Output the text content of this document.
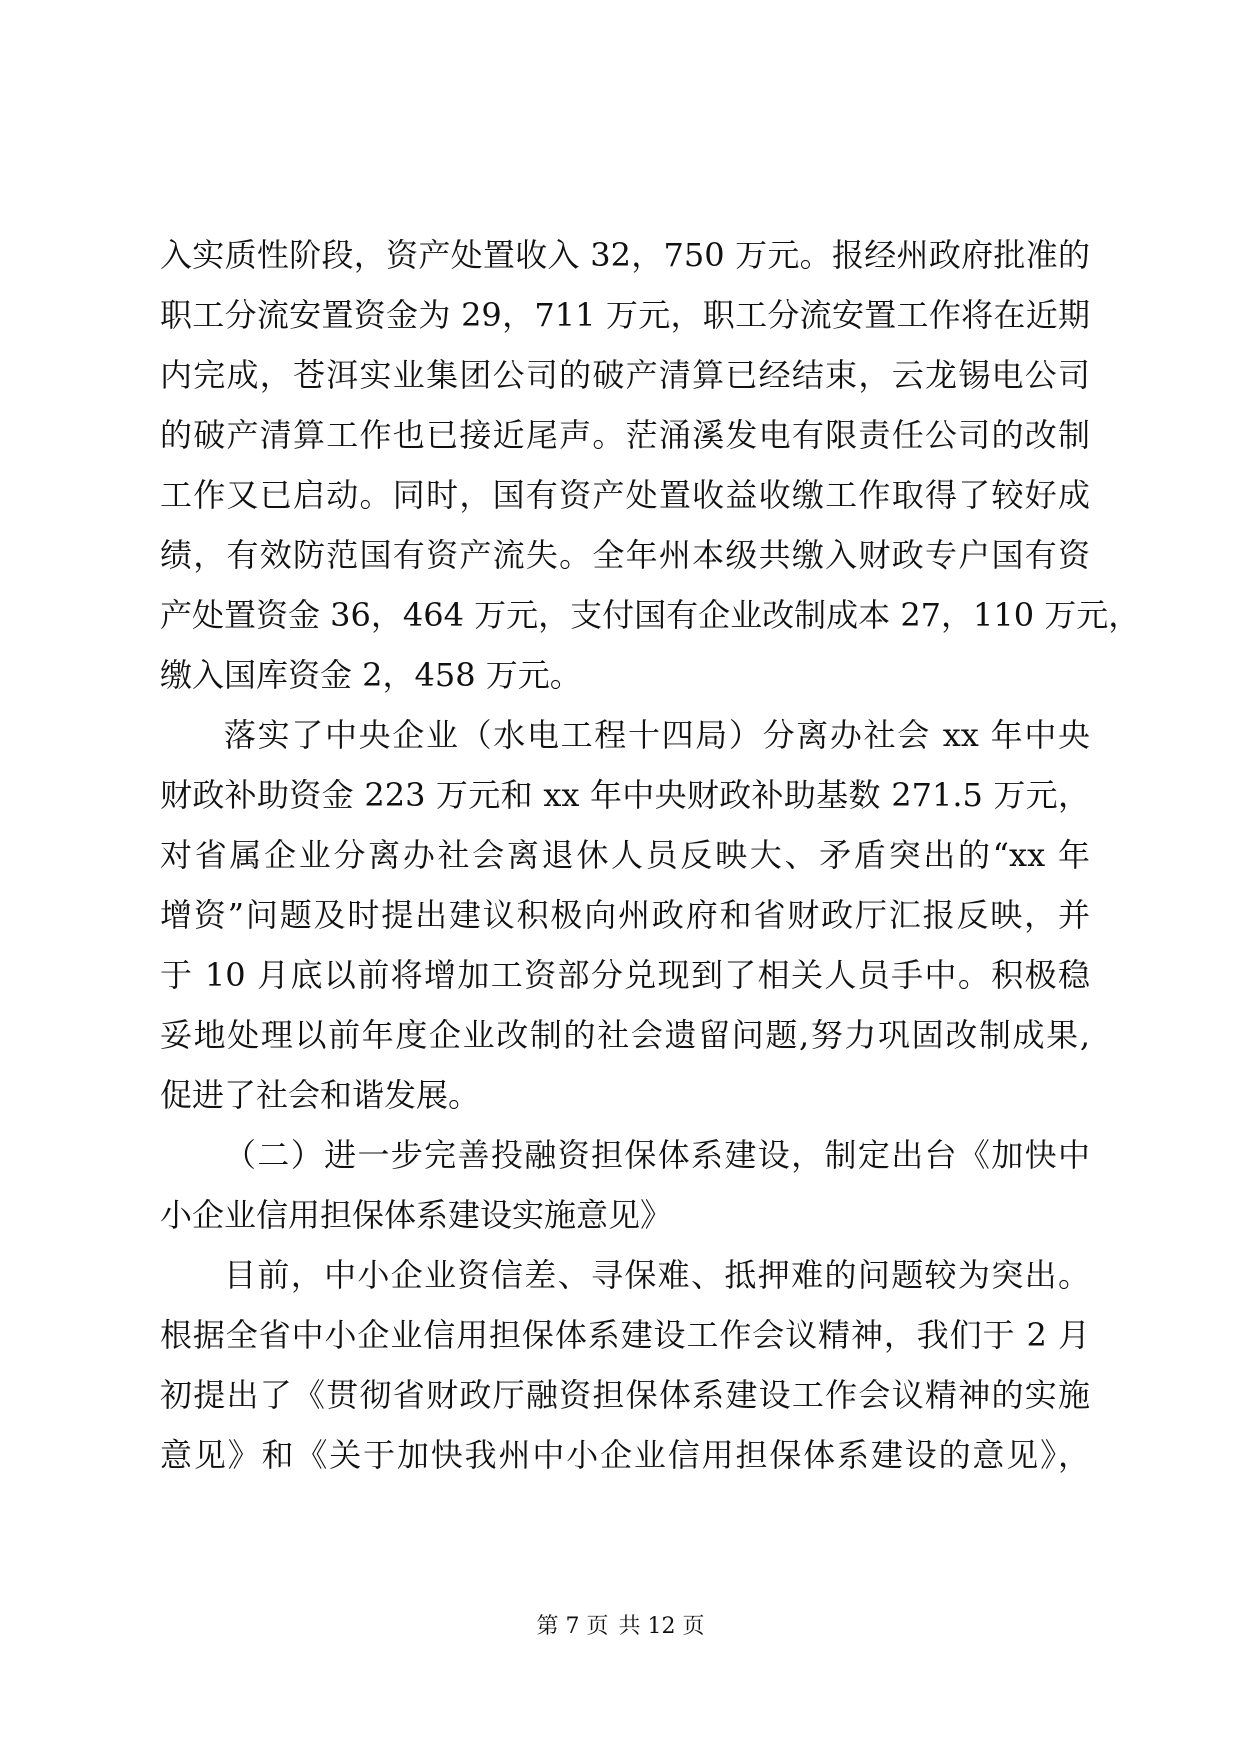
入实质性阶段，资产处置收入 32，750 万元。报经州政府批准的
职工分流安置资金为 29，711 万元，职工分流安置工作将在近期
内完成，苍洱实业集团公司的破产清算已经结束，云龙锡电公司
的破产清算工作也已接近尾声。茫涌溪发电有限责任公司的改制
工作又已启动。同时，国有资产处置收益收缴工作取得了较好成
绩，有效防范国有资产流失。全年州本级共缴入财政专户国有资
产处置资金 36，464 万元，支付国有企业改制成本 27，110 万元，
缴入国库资金 2，458 万元。
落实了中央企业（水电工程十四局）分离办社会 xx 年中央
财政补助资金 223 万元和 xx 年中央财政补助基数 271.5 万元，
对省属企业分离办社会离退休人员反映大、矛盾突出的“xx 年
增资”问题及时提出建议积极向州政府和省财政厅汇报反映，并
于 10 月底以前将增加工资部分兑现到了相关人员手中。积极稳
妥地处理以前年度企业改制的社会遗留问题,努力巩固改制成果,
促进了社会和谐发展。
（二）进一步完善投融资担保体系建设，制定出台《加快中
小企业信用担保体系建设实施意见》
目前，中小企业资信差、寻保难、抵押难的问题较为突出。
根据全省中小企业信用担保体系建设工作会议精神，我们于 2 月
初提出了《贯彻省财政厅融资担保体系建设工作会议精神的实施
意见》和《关于加快我州中小企业信用担保体系建设的意见》，
第 7 页 共 12 页
